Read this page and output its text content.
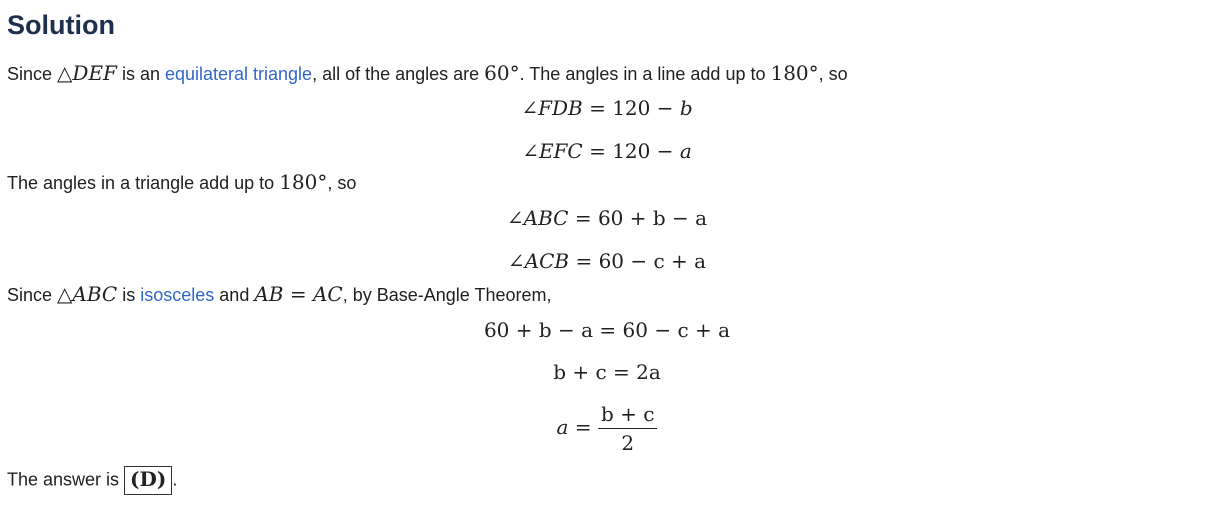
Solution
Since △DEF is an equilateral triangle, all of the angles are 60°. The angles in a line add up to 180°, so
∠FDB = 120 − b
∠EFC = 120 − a
The angles in a triangle add up to 180°, so
∠ABC = 60 + b − a
∠ACB = 60 − c + a
Since △ABC is isosceles and AB = AC, by Base-Angle Theorem,
60 + b − a = 60 − c + a
b + c = 2a
$a = \frac{b + c}{2}$
The answer is (D) .
